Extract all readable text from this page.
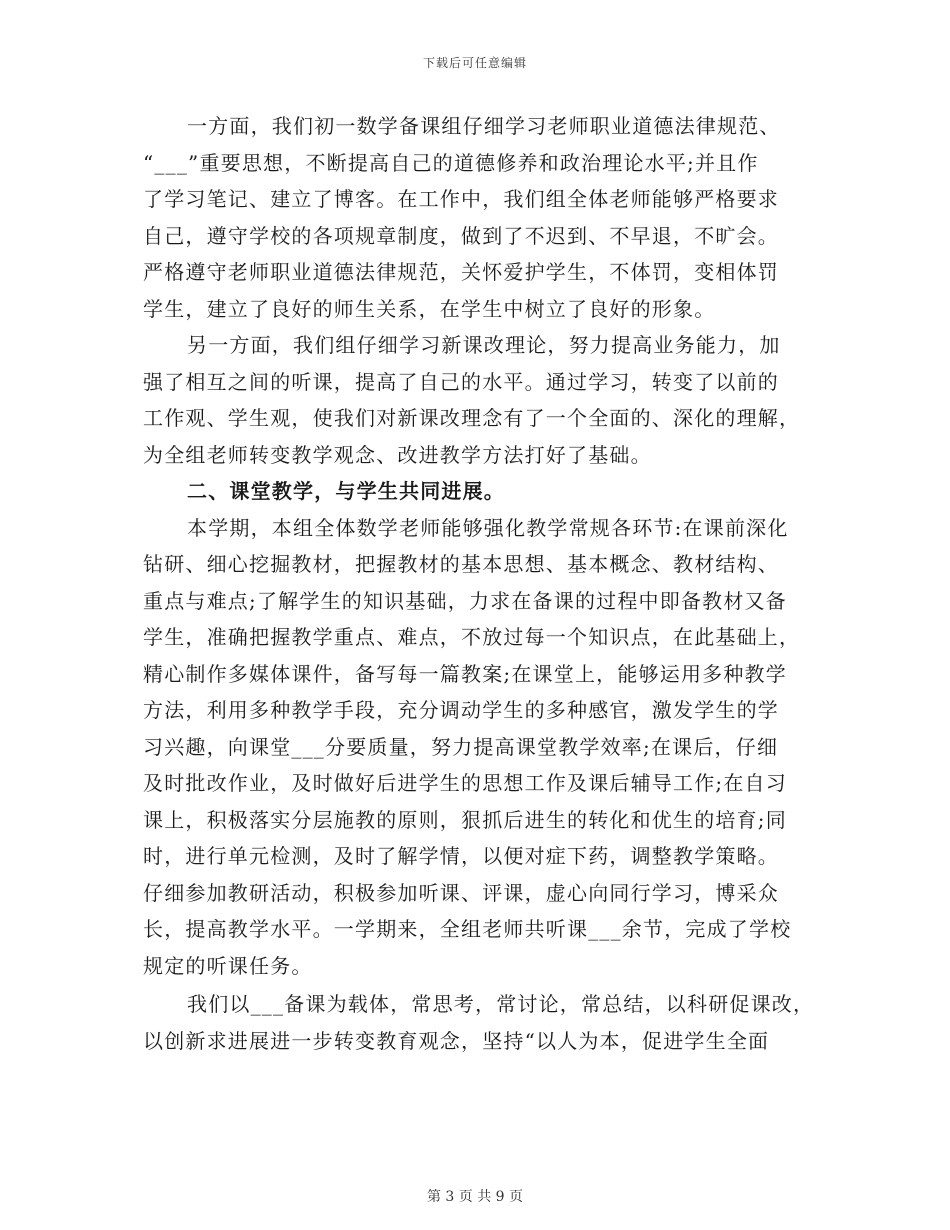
下载后可任意编辑
一方面，我们初一数学备课组仔细学习老师职业道德法律规范、
“___”重要思想，不断提高自己的道德修养和政治理论水平;并且作
了学习笔记、建立了博客。在工作中，我们组全体老师能够严格要求
自己，遵守学校的各项规章制度，做到了不迟到、不早退，不旷会。
严格遵守老师职业道德法律规范，关怀爱护学生，不体罚，变相体罚
学生，建立了良好的师生关系，在学生中树立了良好的形象。
另一方面，我们组仔细学习新课改理论，努力提高业务能力，加
强了相互之间的听课，提高了自己的水平。通过学习，转变了以前的
工作观、学生观，使我们对新课改理念有了一个全面的、深化的理解，
为全组老师转变教学观念、改进教学方法打好了基础。
二、课堂教学，与学生共同进展。
本学期，本组全体数学老师能够强化教学常规各环节:在课前深化
钻研、细心挖掘教材，把握教材的基本思想、基本概念、教材结构、
重点与难点;了解学生的知识基础，力求在备课的过程中即备教材又备
学生，准确把握教学重点、难点，不放过每一个知识点，在此基础上，
精心制作多媒体课件，备写每一篇教案;在课堂上，能够运用多种教学
方法，利用多种教学手段，充分调动学生的多种感官，激发学生的学
习兴趣，向课堂___分要质量，努力提高课堂教学效率;在课后，仔细
及时批改作业，及时做好后进学生的思想工作及课后辅导工作;在自习
课上，积极落实分层施教的原则，狠抓后进生的转化和优生的培育;同
时，进行单元检测，及时了解学情，以便对症下药，调整教学策略。
仔细参加教研活动，积极参加听课、评课，虚心向同行学习，博采众
长，提高教学水平。一学期来，全组老师共听课___余节，完成了学校
规定的听课任务。
我们以___备课为载体，常思考，常讨论，常总结，以科研促课改，
以创新求进展进一步转变教育观念，坚持“以人为本，促进学生全面
第 3 页 共 9 页
